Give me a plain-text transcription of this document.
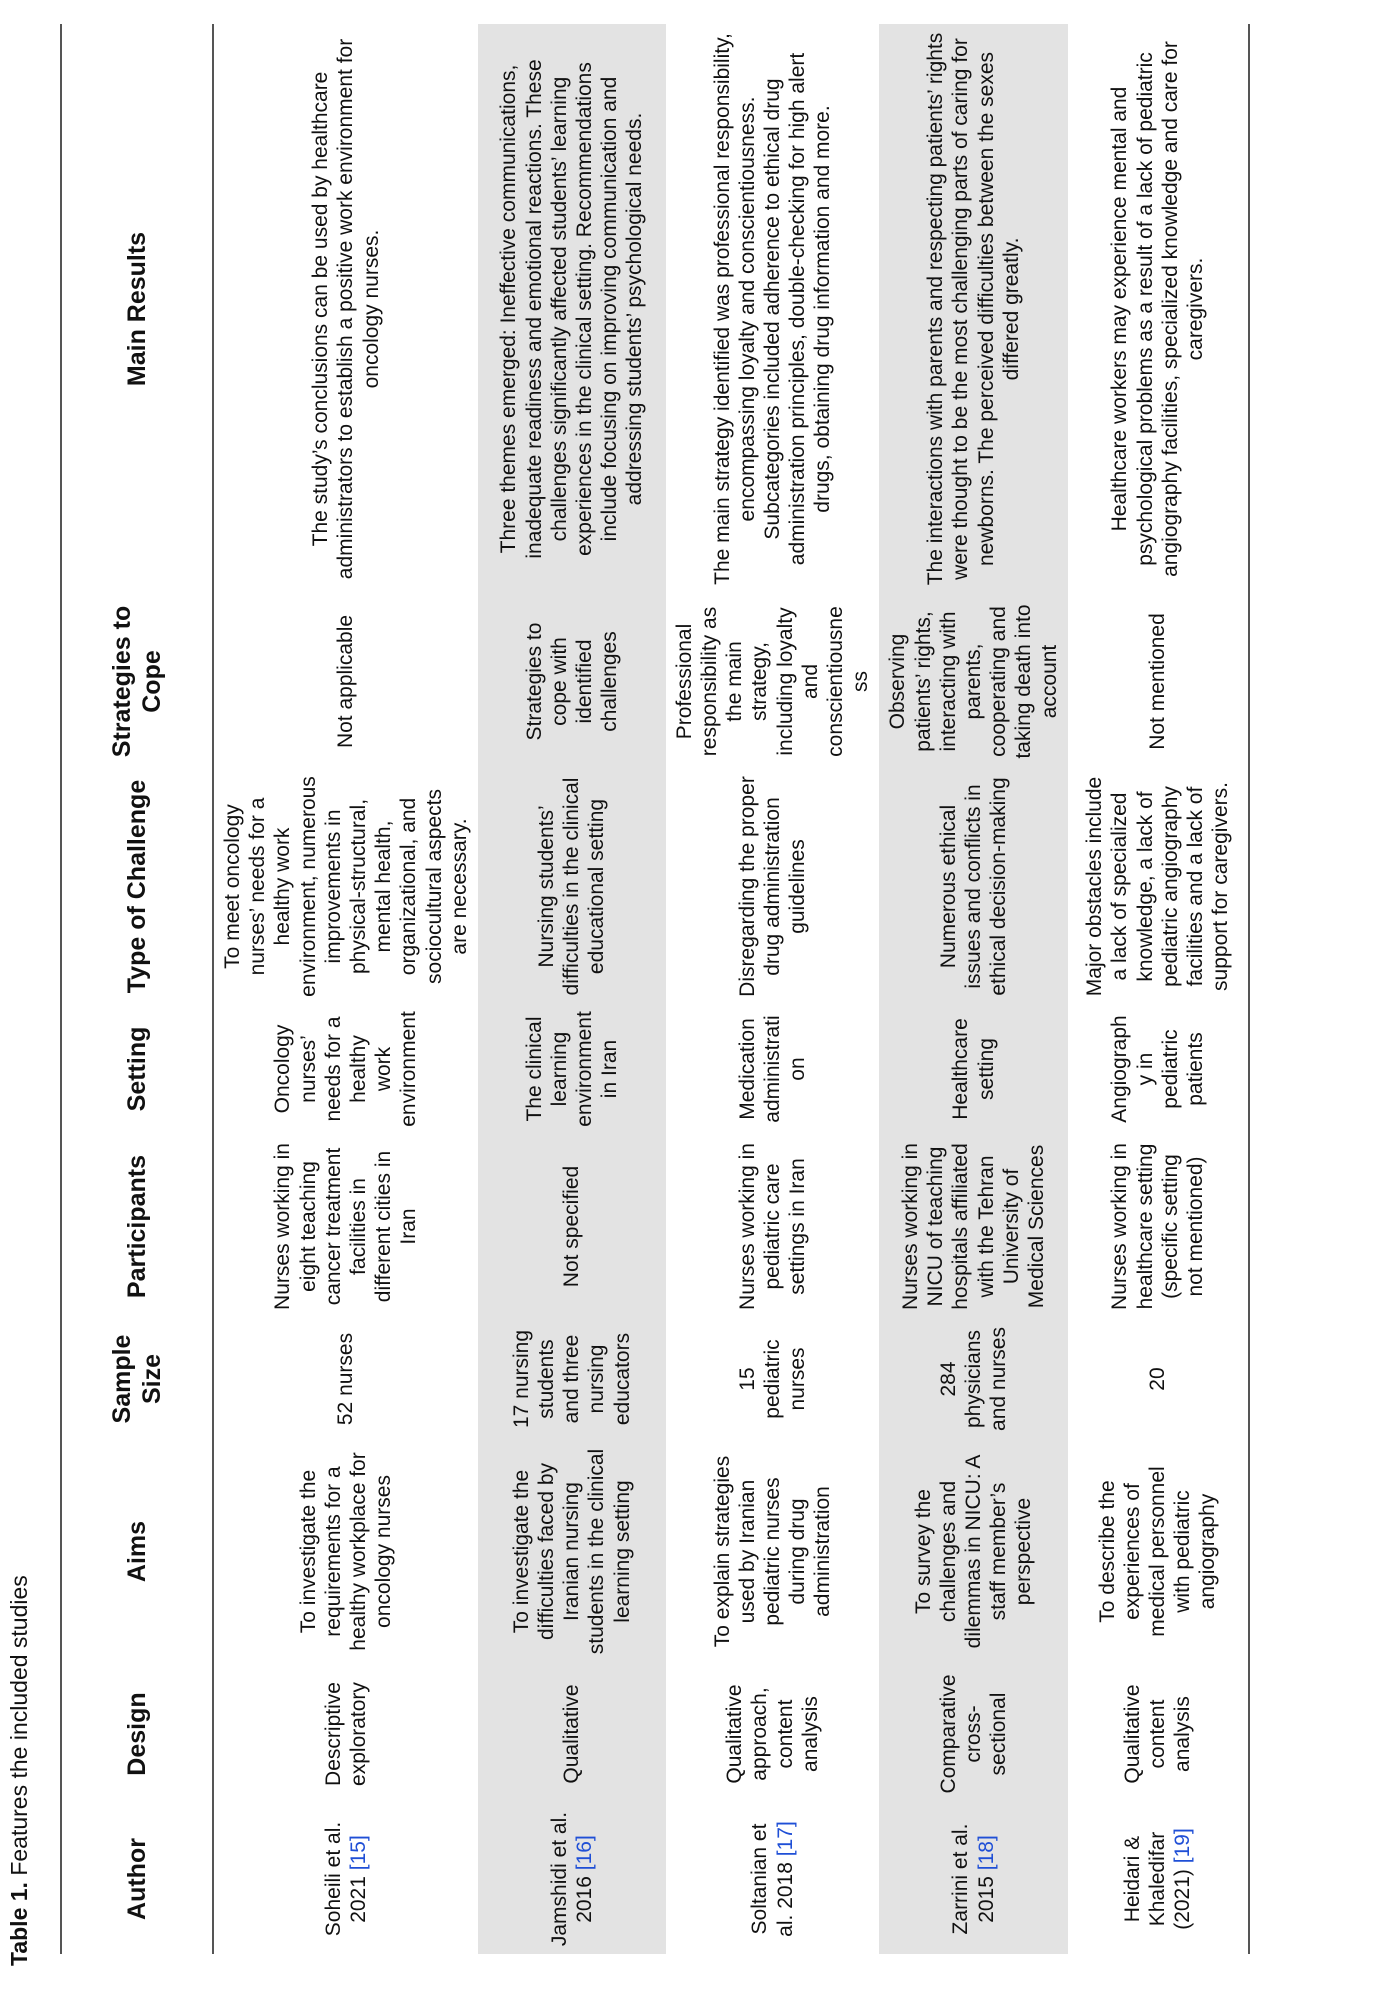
Table 1. Features the included studies	Author	Design	Aims	Sample Size	Participants	Setting	Type of Challenge	Strategies to Cope	Main Results
Soheili et al. 2021 [15]	Descriptive exploratory	To investigate the requirements for a healthy workplace for oncology nurses	52 nurses	Nurses working in eight teaching cancer treatment facilities in different cities in Iran	Oncology nurses’ needs for a healthy work environment	To meet oncology nurses’ needs for a healthy work environment, numerous improvements in physical-structural, mental health, organizational, and sociocultural aspects are necessary.	Not applicable	The study’s conclusions can be used by healthcare administrators to establish a positive work environment for oncology nurses.
Jamshidi et al. 2016 [16]	Qualitative	To investigate the difficulties faced by Iranian nursing students in the clinical learning setting	17 nursing students and three nursing educators	Not specified	The clinical learning environment in Iran	Nursing students’ difficulties in the clinical educational setting	Strategies to cope with identified challenges	Three themes emerged: Ineffective communications, inadequate readiness and emotional reactions. These challenges significantly affected students’ learning experiences in the clinical setting. Recommendations include focusing on improving communication and addressing students’ psychological needs.
Soltanian et al. 2018 [17]	Qualitative approach, content analysis	To explain strategies used by Iranian pediatric nurses during drug administration	15 pediatric nurses	Nurses working in pediatric care settings in Iran	Medication administration	Disregarding the proper drug administration guidelines	Professional responsibility as the main strategy, including loyalty and conscientiousness	The main strategy identified was professional responsibility, encompassing loyalty and conscientiousness. Subcategories included adherence to ethical drug administration principles, double-checking for high alert drugs, obtaining drug information and more.
Zarrini et al. 2015 [18]	Comparative cross-sectional	To survey the challenges and dilemmas in NICU: A staff member’s perspective	284 physicians and nurses	Nurses working in NICU of teaching hospitals affiliated with the Tehran University of Medical Sciences	Healthcare setting	Numerous ethical issues and conflicts in ethical decision-making	Observing patients’ rights, interacting with parents, cooperating and taking death into account	The interactions with parents and respecting patients’ rights were thought to be the most challenging parts of caring for newborns. The perceived difficulties between the sexes differed greatly.
Heidari & Khaledifar (2021) [19]	Qualitative content analysis	To describe the experiences of medical personnel with pediatric angiography	20	Nurses working in healthcare setting (specific setting not mentioned)	Angiography in pediatric patients	Major obstacles include a lack of specialized knowledge, a lack of pediatric angiography facilities and a lack of support for caregivers.	Not mentioned	Healthcare workers may experience mental and psychological problems as a result of a lack of pediatric angiography facilities, specialized knowledge and care for caregivers.
